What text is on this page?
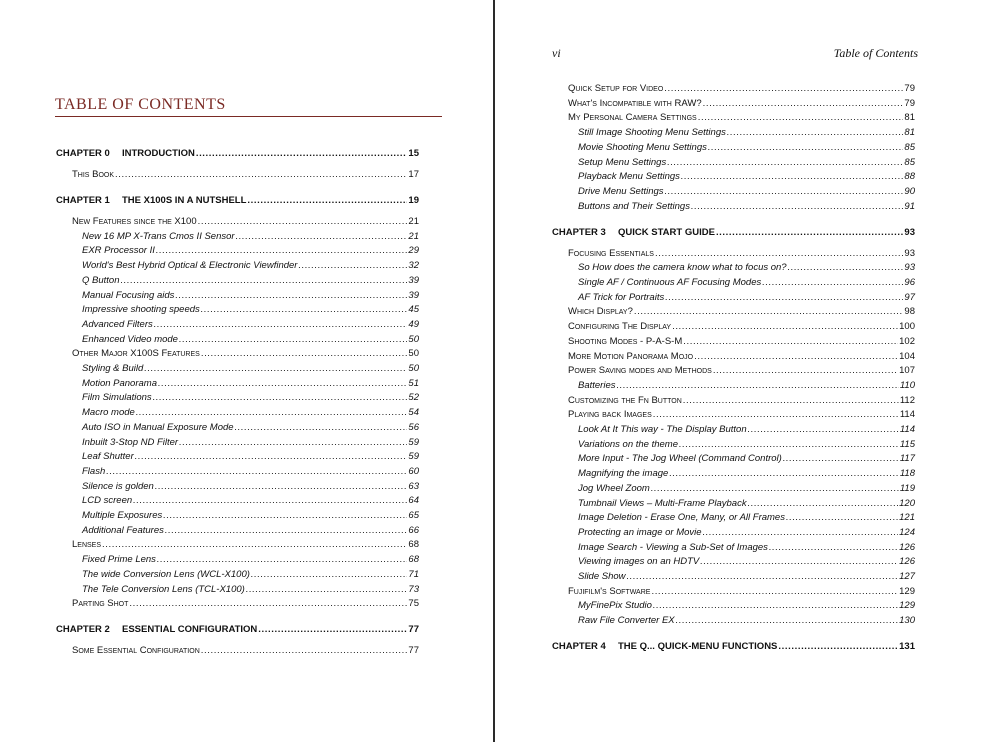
TABLE OF CONTENTS
CHAPTER 0	INTRODUCTION .....	15
This Book .....	17
CHAPTER 1	THE X100S IN A NUTSHELL .....	19
New Features since the X100 .....	21
New 16 MP X-Trans Cmos II Sensor .....	21
EXR Processor II .....	29
World's Best Hybrid Optical & Electronic Viewfinder .....	32
Q Button .....	39
Manual Focusing aids .....	39
Impressive shooting speeds .....	45
Advanced Filters .....	49
Enhanced Video mode .....	50
Other Major X100S Features .....	50
Styling & Build .....	50
Motion Panorama .....	51
Film Simulations .....	52
Macro mode .....	54
Auto ISO in Manual Exposure Mode .....	56
Inbuilt 3-Stop ND Filter .....	59
Leaf Shutter .....	59
Flash .....	60
Silence is golden .....	63
LCD screen .....	64
Multiple Exposures .....	65
Additional Features .....	66
Lenses .....	68
Fixed Prime Lens .....	68
The wide Conversion Lens (WCL-X100) .....	71
The Tele Conversion Lens (TCL-X100) .....	73
Parting Shot .....	75
CHAPTER 2	ESSENTIAL CONFIGURATION .....	77
Some Essential Configuration .....	77
vi	Table of Contents
Quick Setup for Video .....	79
What's Incompatible with RAW? .....	79
My Personal Camera Settings .....	81
Still Image Shooting Menu Settings .....	81
Movie Shooting Menu Settings .....	85
Setup Menu Settings .....	85
Playback Menu Settings .....	88
Drive Menu Settings .....	90
Buttons and Their Settings .....	91
CHAPTER 3	QUICK START GUIDE .....	93
Focusing Essentials .....	93
So How does the camera know what to focus on? .....	93
Single AF / Continuous AF Focusing Modes .....	96
AF Trick for Portraits .....	97
Which Display? .....	98
Configuring The Display .....	100
Shooting Modes - P-A-S-M .....	102
More Motion Panorama Mojo .....	104
Power Saving modes and Methods .....	107
Batteries .....	110
Customizing the Fn Button .....	112
Playing back Images .....	114
Look At It This way - The Display Button .....	114
Variations on the theme .....	115
More Input - The Jog Wheel (Command Control) .....	117
Magnifying the image .....	118
Jog Wheel Zoom .....	119
Tumbnail Views – Multi-Frame Playback .....	120
Image Deletion - Erase One, Many, or All Frames .....	121
Protecting an image or Movie .....	124
Image Search - Viewing a Sub-Set of Images .....	126
Viewing images on an HDTV .....	126
Slide Show .....	127
Fujifilm's Software .....	129
MyFinePix Studio .....	129
Raw File Converter EX .....	130
CHAPTER 4	THE Q... QUICK-MENU FUNCTIONS .....	131
